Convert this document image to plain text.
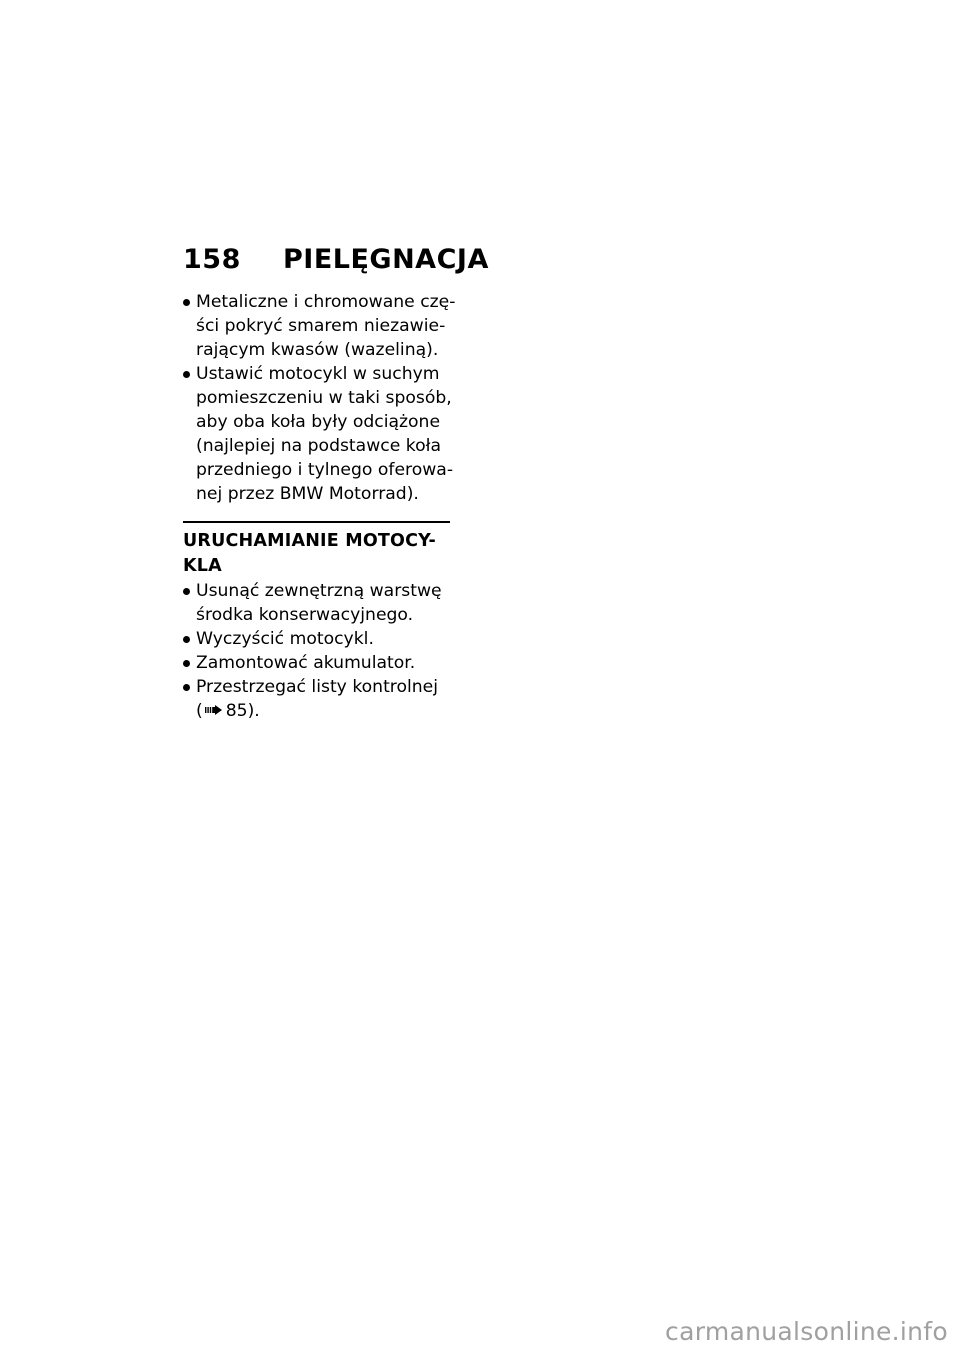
158 PIELĘGNACJA
Metaliczne i chromowane czę-
ści pokryć smarem niezawie-
rającym kwasów (wazeliną).
Ustawić motocykl w suchym
pomieszczeniu w taki sposób,
aby oba koła były odciążone
(najlepiej na podstawce koła
przedniego i tylnego oferowa-
nej przez BMW Motorrad).
URUCHAMIANIE MOTOCY-
KLA
Usunąć zewnętrzną warstwę
środka konserwacyjnego.
Wyczyścić motocykl.
Zamontować akumulator.
Przestrzegać listy kontrolnej
( 85).
carmanualsonline.info
